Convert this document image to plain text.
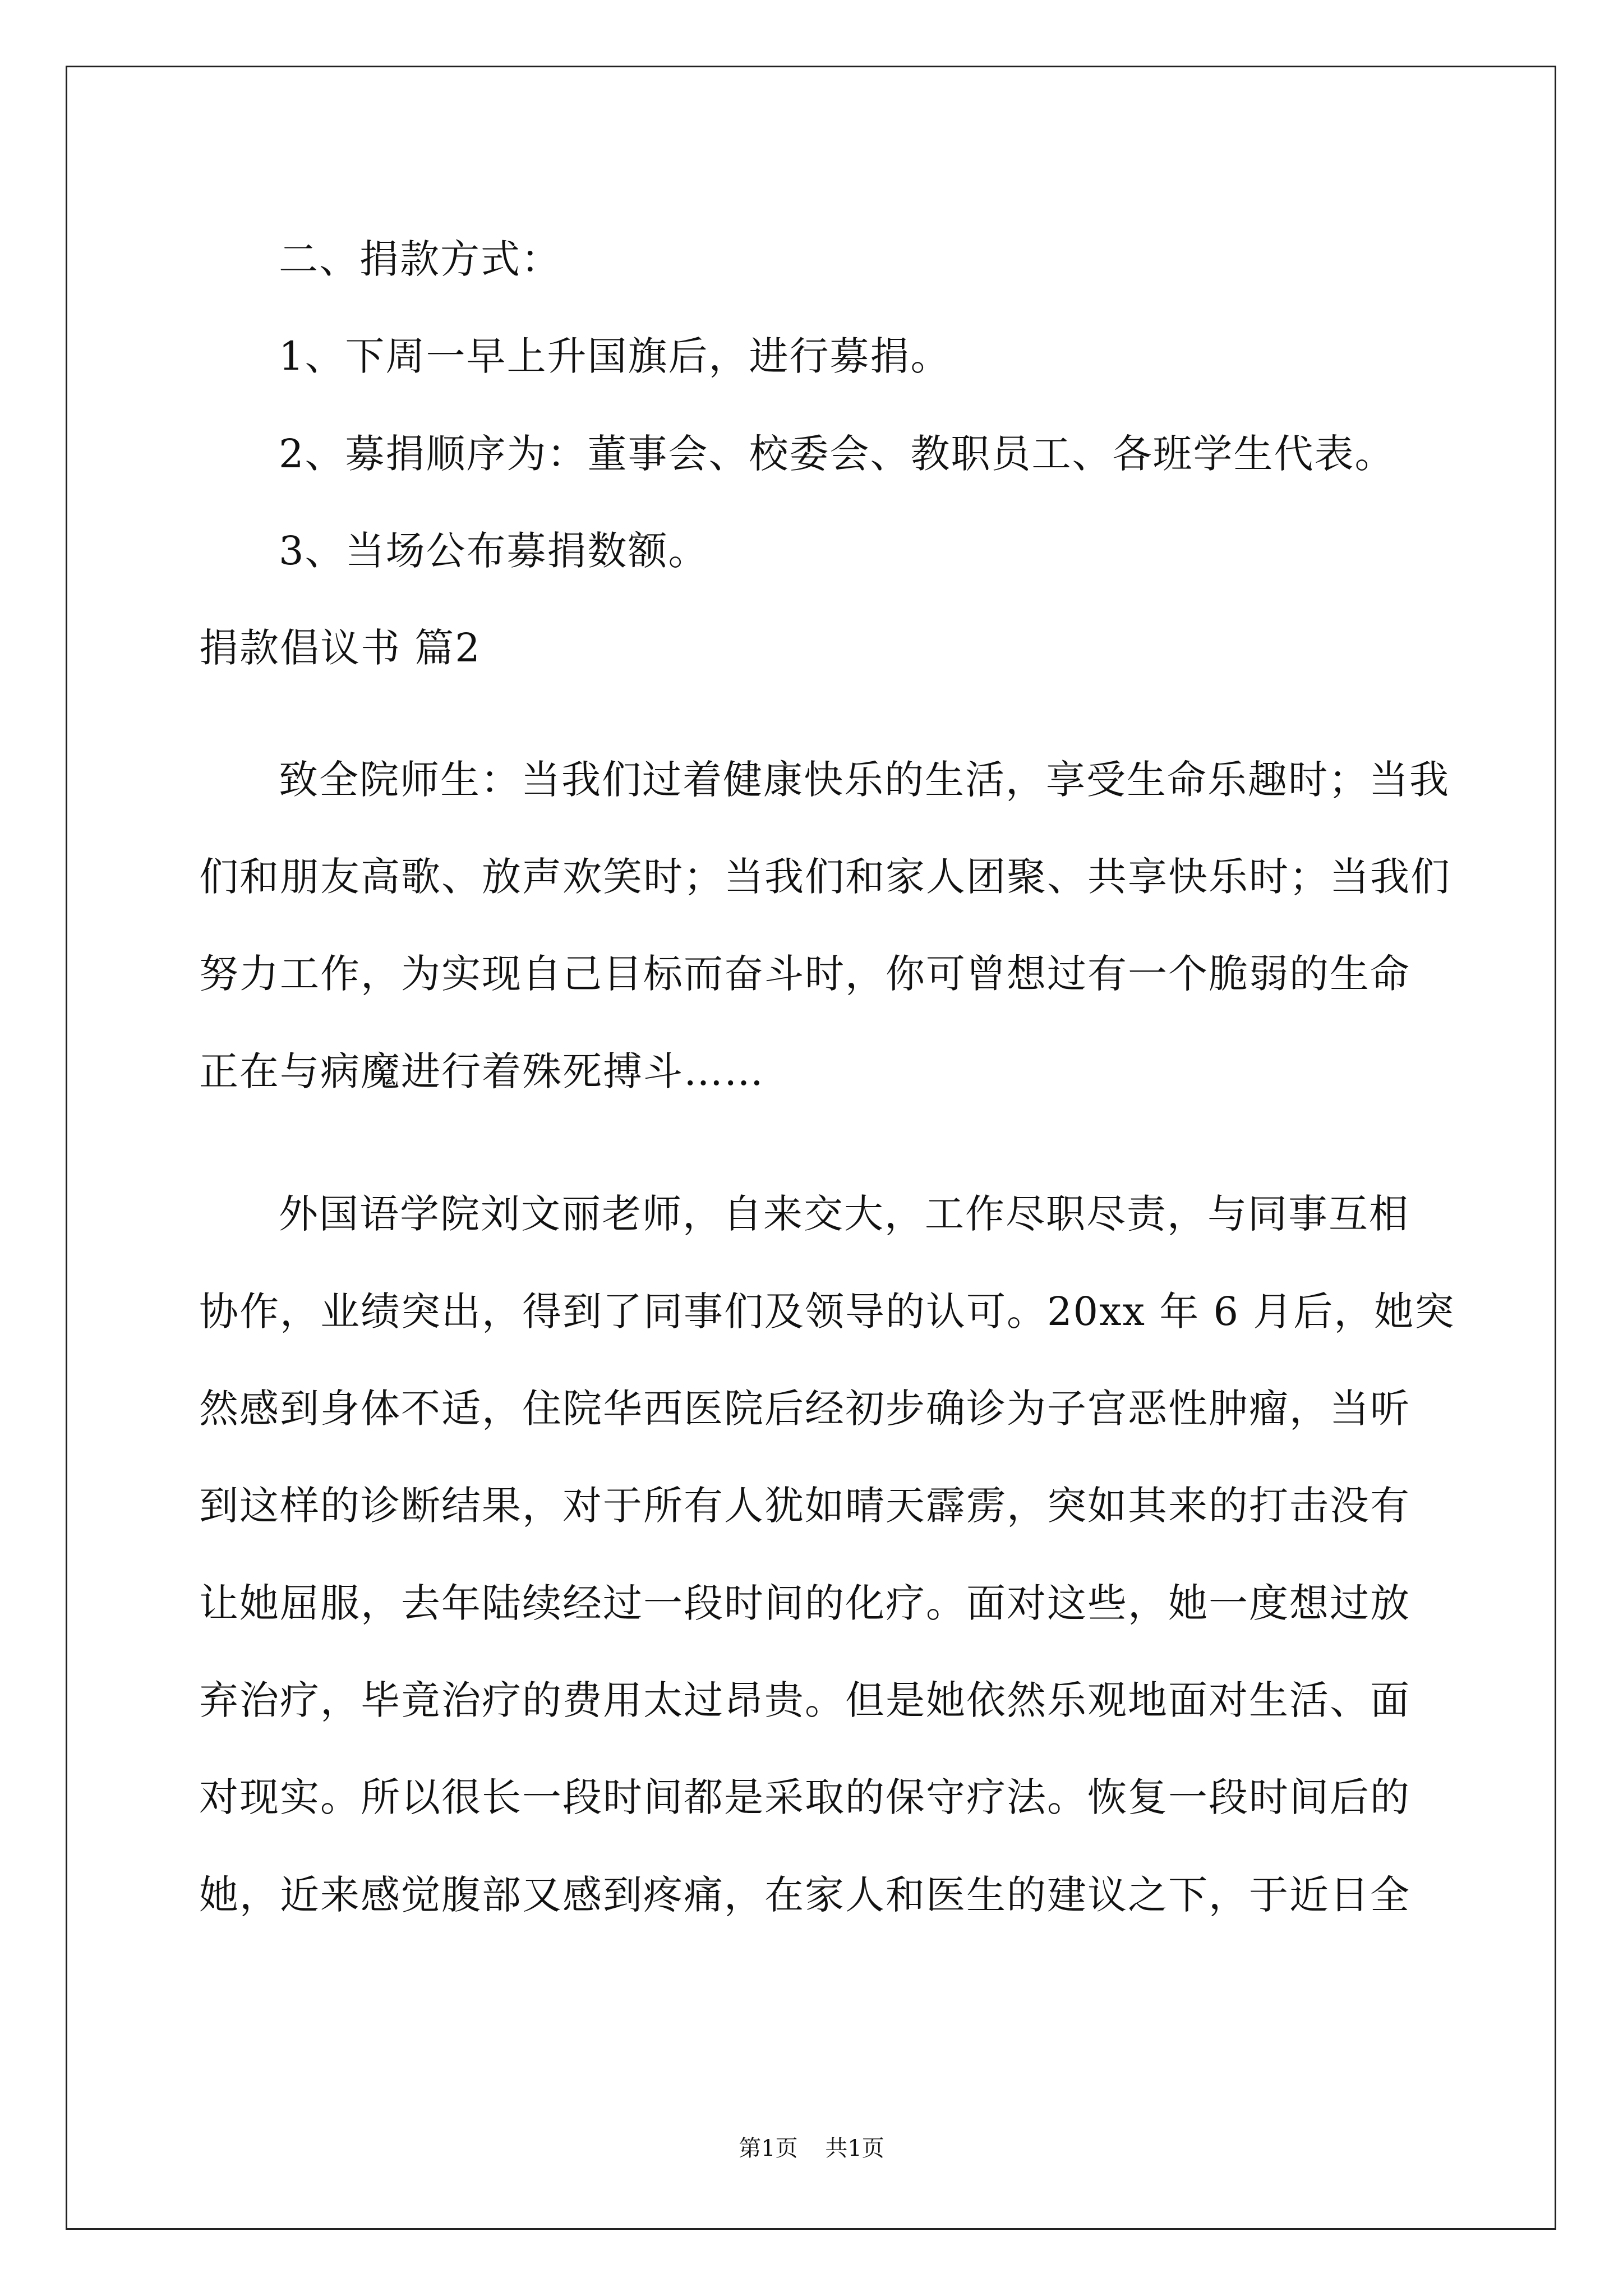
二、捐款方式：

1、下周一早上升国旗后，进行募捐。

2、募捐顺序为：董事会、校委会、教职员工、各班学生代表。

3、当场公布募捐数额。

捐款倡议书 篇2

致全院师生：当我们过着健康快乐的生活，享受生命乐趣时；当我

们和朋友高歌、放声欢笑时；当我们和家人团聚、共享快乐时；当我们

努力工作，为实现自己目标而奋斗时，你可曾想过有一个脆弱的生命

正在与病魔进行着殊死搏斗……

外国语学院刘文丽老师，自来交大，工作尽职尽责，与同事互相

协作，业绩突出，得到了同事们及领导的认可。20xx 年 6 月后，她突

然感到身体不适，住院华西医院后经初步确诊为子宫恶性肿瘤，当听

到这样的诊断结果，对于所有人犹如晴天霹雳，突如其来的打击没有

让她屈服，去年陆续经过一段时间的化疗。面对这些，她一度想过放

弃治疗，毕竟治疗的费用太过昂贵。但是她依然乐观地面对生活、面

对现实。所以很长一段时间都是采取的保守疗法。恢复一段时间后的

她，近来感觉腹部又感到疼痛，在家人和医生的建议之下，于近日全

第1页 共1页
